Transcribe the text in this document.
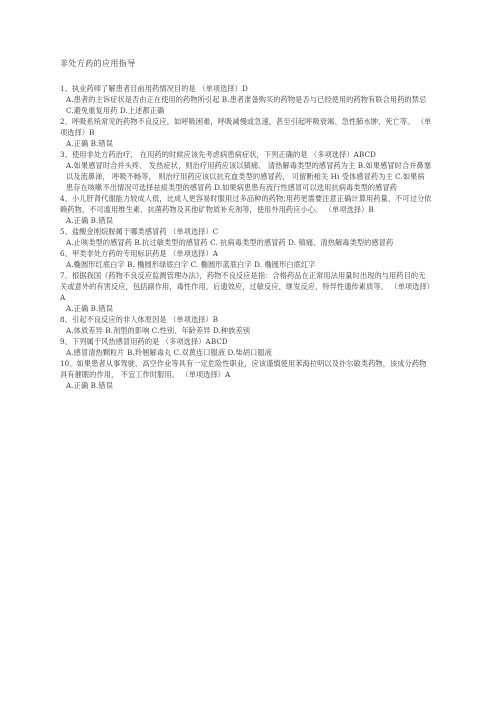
非处方药的应用指导

1、执业药师了解患者目前用药情况目的是 （单项选择）D

A.患者的主诉症状是否由正在使用的药物所引起 B.患者准备购买的药物是否与已经使用的药物有联合用药的禁忌 C.避免重复用药 D.上述都正确

2、呼吸系统常见的药物不良反应，如呼吸困难，呼吸减慢或急速，甚至引起呼吸衰竭、急性肺水肿、死亡等。 （单项选择）B

A.正确 B.错误

3、使用非处方药治疗， 在用药的时候应该先考虑病患病症状，下列正确的是 （多项选择）ABCD

A.如果感冒时合并头疼、 发热症状，则治疗用药应该以镇痛、 清热解毒类型的感冒药为主 B.如果感冒时合并鼻塞以及流鼻涕， 呼吸不畅等， 则治疗用药应该以抗充血类型的感冒药， 可留断相关 Hi 受体感冒药为主 C.如果病患存在咳嗽不出情况可选择祛痰类型的感冒药 D.如果病患患有流行性感冒可以选用抗病毒类型的感冒药

4、小儿肝肾代谢能力较成人低，比成人更容易时服用过多品种的药物;用药更需要注意正确计算用药量，不可过分依赖药物，不可滥用维生素、抗菌药物及其他矿物质补充剂等，使用外用药应小心。 （单项选择）B

A.正确 B.错误

5、盐酸金刚烷胺属于哪类感冒药 （单项选择）C

A.止咳类型的感冒药 B.抗过敏类型的感冒药 C. 抗病毒类型的感冒药 D. 镇痛、清热解毒类型的感冒药

6、甲类非处方药的专用标识药是 （单项选择）A

A.椭圆形红底白字 B. 椭圆形绿底白字 C. 椭圆形蓝底白字 D. 椭圆形白底红字

7、根据我国《药物不良反应监测管理办法》，药物不良反应是指：合格药品在正常用法用量时出现的与用药目的无关或意外的有害反应，包括副作用，毒性作用，后遗效应，过敏反应，继发反应，特异性遗传素质等。 （单项选择）A

A.正确 B.错误

8、引起不良反应的非人体原因是 （单项选择）B

A.体质差异 B.剂型的影响 C.性别、年龄差异 D.种族差别

9、下列属于风热感冒用药的是 （多项选择）ABCD

A.感冒清热颗粒片 B.羚翘解毒丸 C.双黄连口服液 D.柴胡口服液

10、如果患者从事驾驶、高空作业等具有一定危险性职业，应该谨慎使用苯海拉明以及扑尔敏类药物，该成分药物具有催眠的作用， 不宜工作时服用。 （单项选择）A

A.正确 B.错误
